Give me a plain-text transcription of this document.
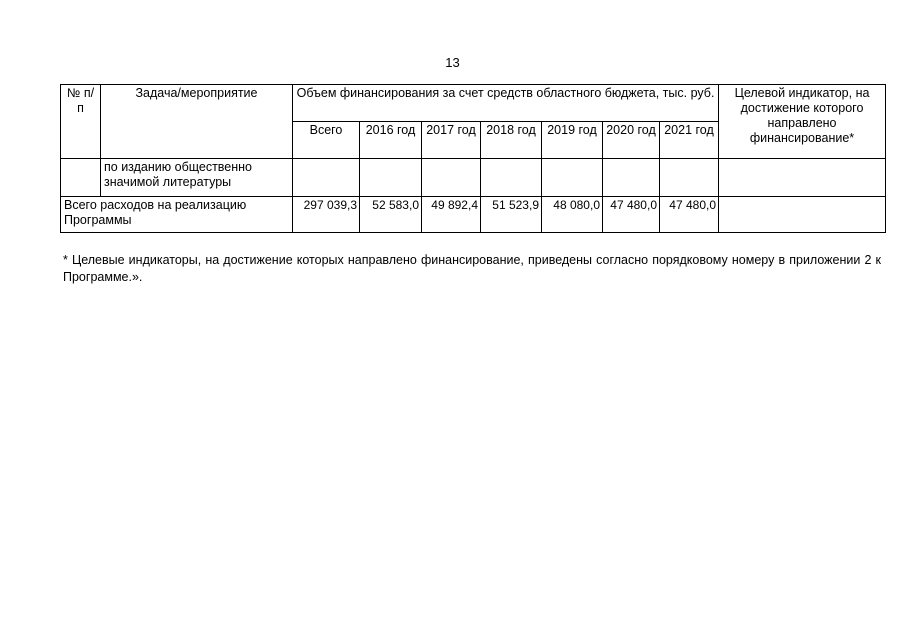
13
№ п/п	Задача/мероприятие	Объем финансирования за счет средств областного бюджета, тыс. руб.							Целевой индикатор, на достижение которого направлено финансирование*
		Всего	2016 год	2017 год	2018 год	2019 год	2020 год	2021 год	
	по изданию общественно значимой литературы								
Всего расходов на реализацию Программы		297 039,3	52 583,0	49 892,4	51 523,9	48 080,0	47 480,0	47 480,0	
* Целевые индикаторы, на достижение которых направлено финансирование, приведены согласно порядковому номеру в приложении 2 к Программе.».
